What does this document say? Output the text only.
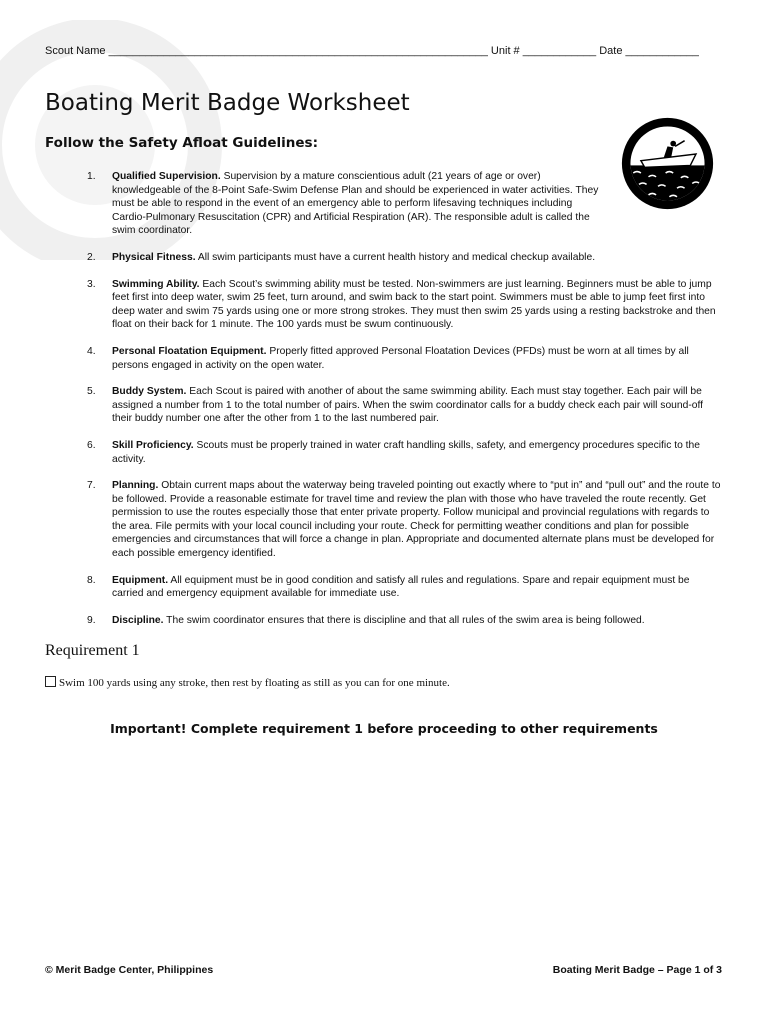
Scout Name ______________________________________________________________ Unit # ____________ Date ____________
Boating Merit Badge Worksheet
Follow the Safety Afloat Guidelines:
1. Qualified Supervision. Supervision by a mature conscientious adult (21 years of age or over) knowledgeable of the 8-Point Safe-Swim Defense Plan and should be experienced in water activities. They must be able to respond in the event of an emergency able to perform lifesaving techniques including Cardio-Pulmonary Resuscitation (CPR) and Artificial Respiration (AR). The responsible adult is called the swim coordinator.
2. Physical Fitness. All swim participants must have a current health history and medical checkup available.
3. Swimming Ability. Each Scout’s swimming ability must be tested. Non-swimmers are just learning. Beginners must be able to jump feet first into deep water, swim 25 feet, turn around, and swim back to the start point. Swimmers must be able to jump feet first into deep water and swim 75 yards using one or more strong strokes. They must then swim 25 yards using a resting backstroke and then float on their back for 1 minute. The 100 yards must be swum continuously.
4. Personal Floatation Equipment. Properly fitted approved Personal Floatation Devices (PFDs) must be worn at all times by all persons engaged in activity on the open water.
5. Buddy System. Each Scout is paired with another of about the same swimming ability. Each must stay together. Each pair will be assigned a number from 1 to the total number of pairs. When the swim coordinator calls for a buddy check each pair will sound-off their buddy number one after the other from 1 to the last numbered pair.
6. Skill Proficiency. Scouts must be properly trained in water craft handling skills, safety, and emergency procedures specific to the activity.
7. Planning. Obtain current maps about the waterway being traveled pointing out exactly where to “put in” and “pull out” and the route to be followed. Provide a reasonable estimate for travel time and review the plan with those who have traveled the route recently. Get permission to use the routes especially those that enter private property. Follow municipal and provincial regulations with regards to the area. File permits with your local council including your route. Check for permitting weather conditions and plan for possible emergencies and circumstances that will force a change in plan. Appropriate and documented alternate plans must be developed for each possible emergency identified.
8. Equipment. All equipment must be in good condition and satisfy all rules and regulations. Spare and repair equipment must be carried and emergency equipment available for immediate use.
9. Discipline. The swim coordinator ensures that there is discipline and that all rules of the swim area is being followed.
Requirement 1
Swim 100 yards using any stroke, then rest by floating as still as you can for one minute.

Important! Complete requirement 1 before proceeding to other requirements

© Merit Badge Center, Philippines	Boating Merit Badge – Page 1 of 3
